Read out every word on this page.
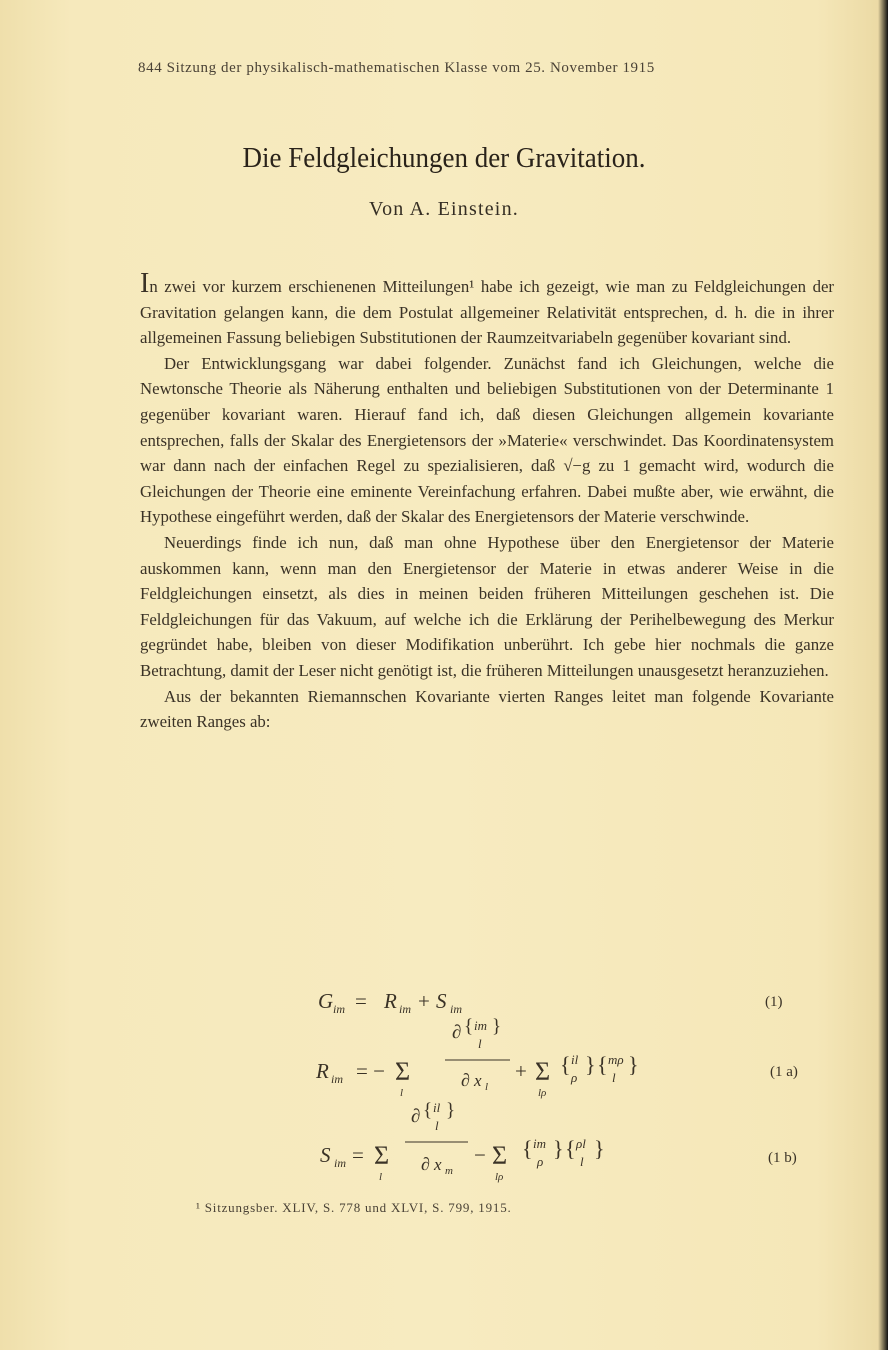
844 Sitzung der physikalisch-mathematischen Klasse vom 25. November 1915
Die Feldgleichungen der Gravitation.
Von A. Einstein.

In zwei vor kurzem erschienenen Mitteilungen¹ habe ich gezeigt, wie man zu Feldgleichungen der Gravitation gelangen kann, die dem Postulat allgemeiner Relativität entsprechen, d. h. die in ihrer allgemeinen Fassung beliebigen Substitutionen der Raumzeitvariabeln gegenüber kovariant sind.

Der Entwicklungsgang war dabei folgender. Zunächst fand ich Gleichungen, welche die Newtonsche Theorie als Näherung enthalten und beliebigen Substitutionen von der Determinante 1 gegenüber kovariant waren. Hierauf fand ich, daß diesen Gleichungen allgemein kovariante entsprechen, falls der Skalar des Energietensors der »Materie« verschwindet. Das Koordinatensystem war dann nach der einfachen Regel zu spezialisieren, daß √−g zu 1 gemacht wird, wodurch die Gleichungen der Theorie eine eminente Vereinfachung erfahren. Dabei mußte aber, wie erwähnt, die Hypothese eingeführt werden, daß der Skalar des Energietensors der Materie verschwinde.

Neuerdings finde ich nun, daß man ohne Hypothese über den Energietensor der Materie auskommen kann, wenn man den Energietensor der Materie in etwas anderer Weise in die Feldgleichungen einsetzt, als dies in meinen beiden früheren Mitteilungen geschehen ist. Die Feldgleichungen für das Vakuum, auf welche ich die Erklärung der Perihelbewegung des Merkur gegründet habe, bleiben von dieser Modifikation unberührt. Ich gebe hier nochmals die ganze Betrachtung, damit der Leser nicht genötigt ist, die früheren Mitteilungen unausgesetzt heranzuziehen.

Aus der bekannten Riemannschen Kovariante vierten Ranges leitet man folgende Kovariante zweiten Ranges ab:

G im = R im + S im	(1)
R im = − Σ
l
∂ { im
l
}
∂ x l
+ Σ
lρ
{ il
ρ
} { mρ
l
}	(1 a)
S im = Σ
l
∂ { il
l
}
∂ x m
− Σ
lρ
{ im
ρ
} { ρl
l
}	(1 b)
¹ Sitzungsber. XLIV, S. 778 und XLVI, S. 799, 1915.
